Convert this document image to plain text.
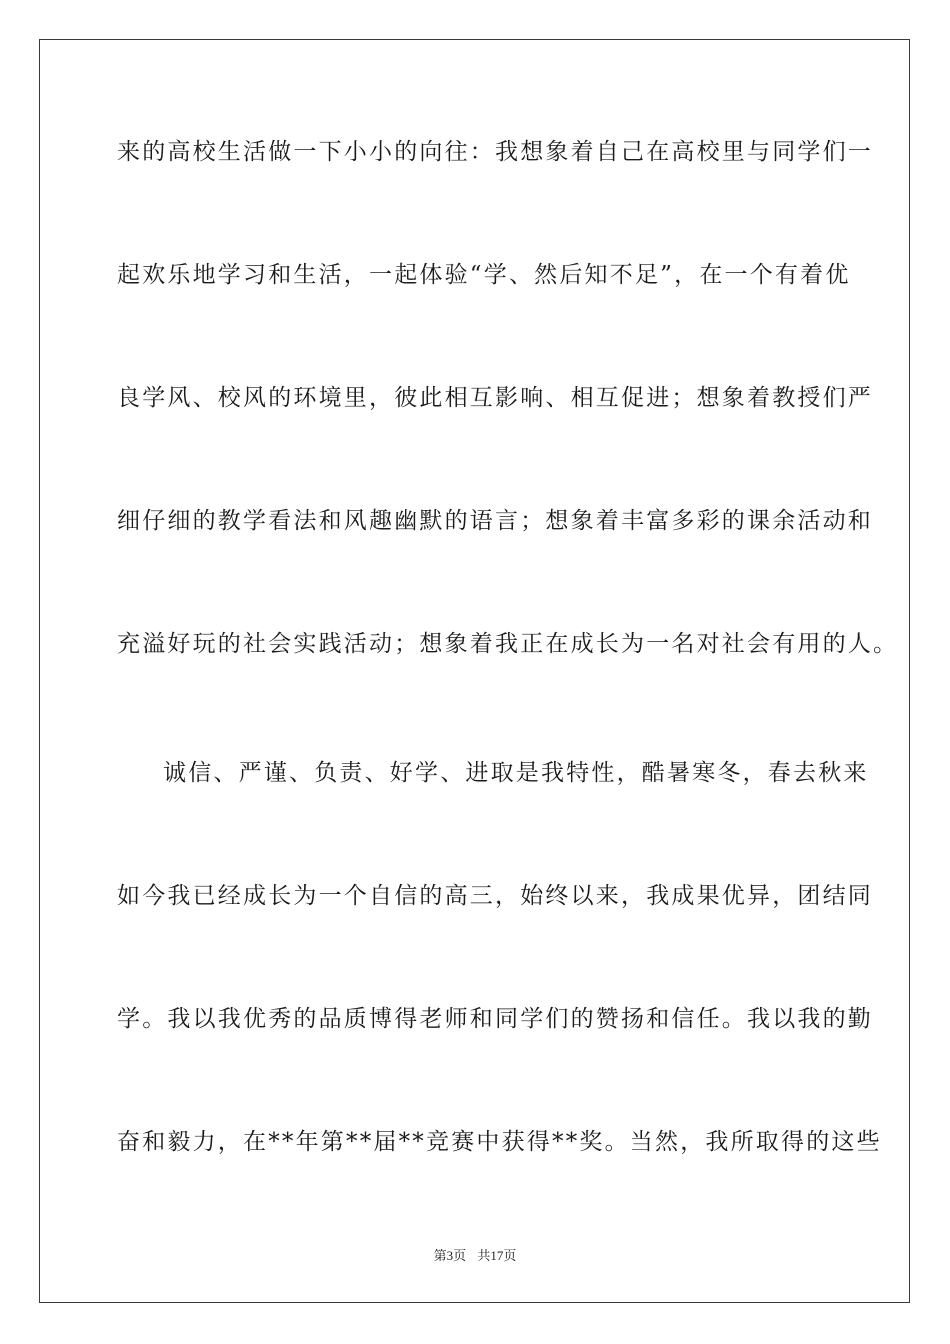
来的高校生活做一下小小的向往：我想象着自己在高校里与同学们一

起欢乐地学习和生活，一起体验“学、然后知不足”，在一个有着优

良学风、校风的环境里，彼此相互影响、相互促进；想象着教授们严

细仔细的教学看法和风趣幽默的语言；想象着丰富多彩的课余活动和

充溢好玩的社会实践活动；想象着我正在成长为一名对社会有用的人。

诚信、严谨、负责、好学、进取是我特性，酷暑寒冬，春去秋来

如今我已经成长为一个自信的高三，始终以来，我成果优异，团结同

学。我以我优秀的品质博得老师和同学们的赞扬和信任。我以我的勤

奋和毅力，在**年第**届**竞赛中获得**奖。当然，我所取得的这些

第3页 共17页
